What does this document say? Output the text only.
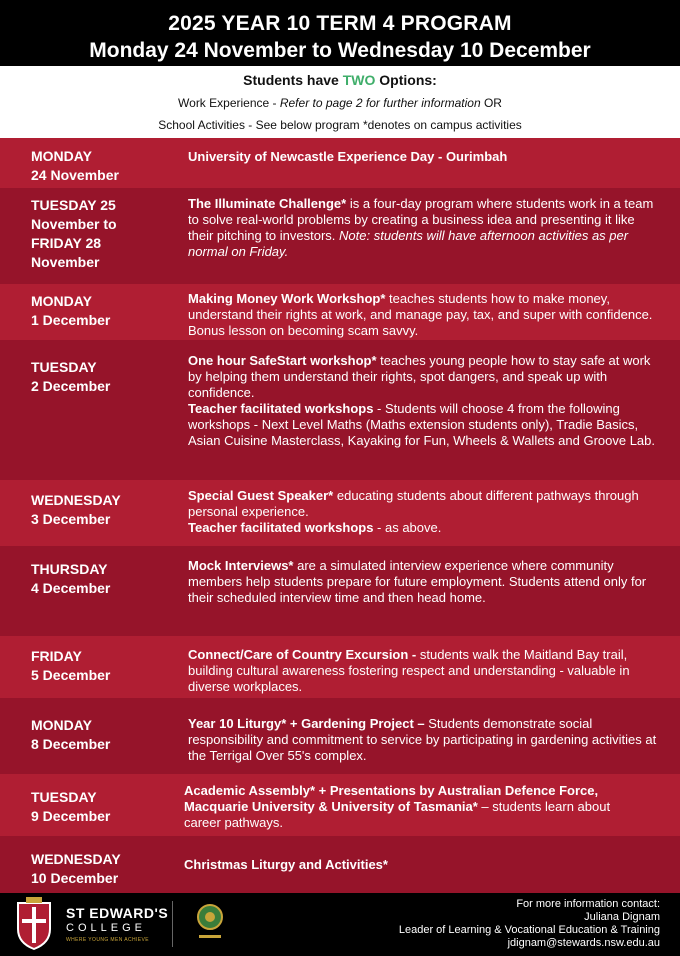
2025 YEAR 10 TERM 4 PROGRAM
Monday 24 November to Wednesday 10 December
Students have TWO Options:
Work Experience - Refer to page 2 for further information OR
School Activities - See below program *denotes on campus activities
MONDAY
24 November
University of Newcastle Experience Day - Ourimbah
TUESDAY 25 November to FRIDAY 28 November
The Illuminate Challenge* is a four-day program where students work in a team to solve real-world problems by creating a business idea and presenting it like their pitching to investors. Note: students will have afternoon activities as per normal on Friday.
MONDAY
1 December
Making Money Work Workshop* teaches students how to make money, understand their rights at work, and manage pay, tax, and super with confidence. Bonus lesson on becoming scam savvy.
TUESDAY
2 December
One hour SafeStart workshop* teaches young people how to stay safe at work by helping them understand their rights, spot dangers, and speak up with confidence.
Teacher facilitated workshops - Students will choose 4 from the following workshops - Next Level Maths (Maths extension students only), Tradie Basics, Asian Cuisine Masterclass, Kayaking for Fun, Wheels & Wallets and Groove Lab.
WEDNESDAY
3 December
Special Guest Speaker* educating students about different pathways through personal experience.
Teacher facilitated workshops - as above.
THURSDAY
4 December
Mock Interviews* are a simulated interview experience where community members help students prepare for future employment. Students attend only for their scheduled interview time and then head home.
FRIDAY
5 December
Connect/Care of Country Excursion - students walk the Maitland Bay trail, building cultural awareness fostering respect and understanding - valuable in diverse workplaces.
MONDAY
8 December
Year 10 Liturgy* + Gardening Project – Students demonstrate social responsibility and commitment to service by participating in gardening activities at the Terrigal Over 55's complex.
TUESDAY
9 December
Academic Assembly* + Presentations by Australian Defence Force, Macquarie University & University of Tasmania* – students learn about career pathways.
WEDNESDAY
10 December
Christmas Liturgy and Activities*
ST EDWARD'S
COLLEGE
WHERE YOUNG MEN ACHIEVE
For more information contact:
Juliana Dignam
Leader of Learning & Vocational Education & Training
jdignam@stewards.nsw.edu.au
